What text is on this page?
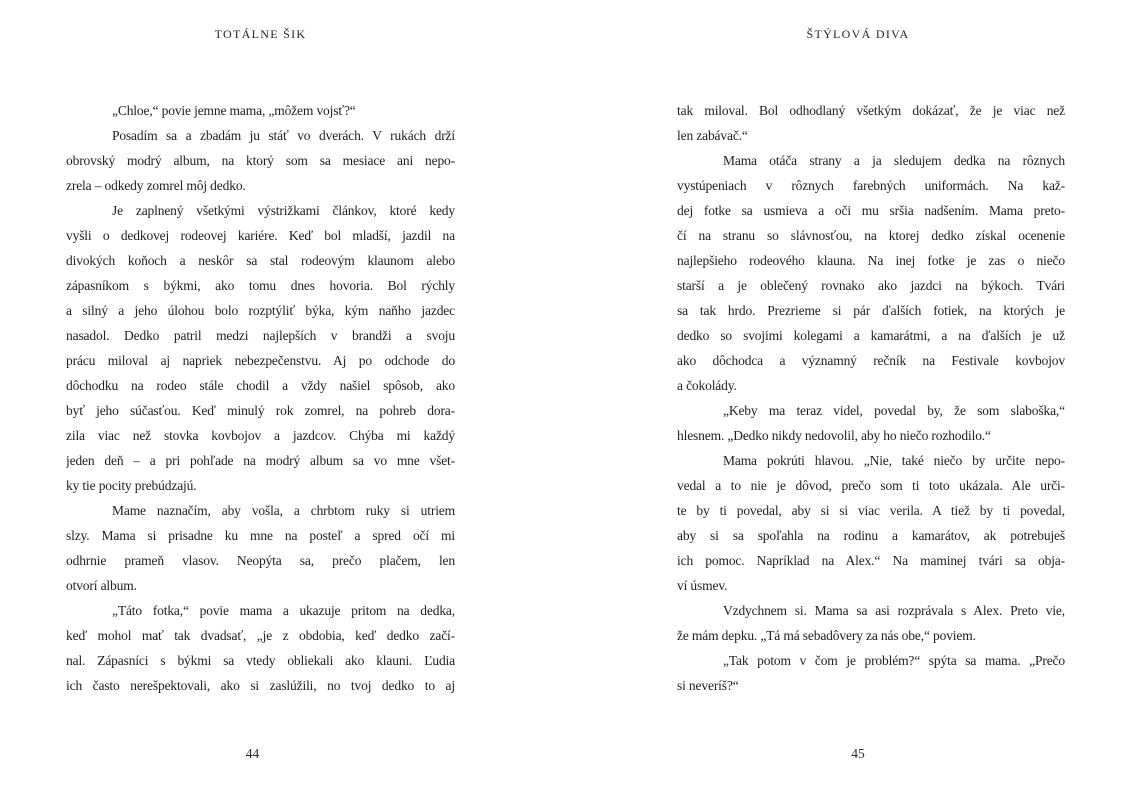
TOTÁLNE ŠIK
„Chloe,“ povie jemne mama, „môžem vojsť?“
Posadím sa a zbadám ju stáť vo dverách. V rukách drží
obrovský modrý album, na ktorý som sa mesiace ani nepo-
zrela – odkedy zomrel môj dedko.
Je zaplnený všetkými výstrižkami článkov, ktoré kedy
vyšli o dedkovej rodeovej kariére. Keď bol mladší, jazdil na
divokých koňoch a neskôr sa stal rodeovým klaunom alebo
zápasníkom s býkmi, ako tomu dnes hovoria. Bol rýchly
a silný a jeho úlohou bolo rozptýliť býka, kým naňho jazdec
nasadol. Dedko patril medzi najlepších v brandži a svoju
prácu miloval aj napriek nebezpečenstvu. Aj po odchode do
dôchodku na rodeo stále chodil a vždy našiel spôsob, ako
byť jeho súčasťou. Keď minulý rok zomrel, na pohreb dora-
zila viac než stovka kovbojov a jazdcov. Chýba mi každý
jeden deň – a pri pohľade na modrý album sa vo mne všet-
ky tie pocity prebúdzajú.
Mame naznačím, aby vošla, a chrbtom ruky si utriem
slzy. Mama si prisadne ku mne na posteľ a spred očí mi
odhrnie prameň vlasov. Neopýta sa, prečo plačem, len
otvorí album.
„Táto fotka,“ povie mama a ukazuje pritom na dedka,
keď mohol mať tak dvadsať, „je z obdobia, keď dedko začí-
nal. Zápasníci s býkmi sa vtedy obliekali ako klauni. Ľudia
ich často nerešpektovali, ako si zaslúžili, no tvoj dedko to aj
44
ŠTÝLOVÁ DIVA
tak miloval. Bol odhodlaný všetkým dokázať, že je viac než
len zabávač.“
Mama otáča strany a ja sledujem dedka na rôznych
vystúpeniach v rôznych farebných uniformách. Na kaž-
dej fotke sa usmieva a oči mu sršia nadšením. Mama preto-
čí na stranu so slávnosťou, na ktorej dedko získal ocenenie
najlepšieho rodeového klauna. Na inej fotke je zas o niečo
starší a je oblečený rovnako ako jazdci na býkoch. Tvári
sa tak hrdo. Prezrieme si pár ďalších fotiek, na ktorých je
dedko so svojimi kolegami a kamarátmi, a na ďalších je už
ako dôchodca a významný rečník na Festivale kovbojov
a čokolády.
„Keby ma teraz videl, povedal by, že som slaboška,“
hlesnem. „Dedko nikdy nedovolil, aby ho niečo rozhodilo.“
Mama pokrúti hlavou. „Nie, také niečo by určite nepo-
vedal a to nie je dôvod, prečo som ti toto ukázala. Ale urči-
te by ti povedal, aby si si viac verila. A tiež by ti povedal,
aby si sa spoľahla na rodinu a kamarátov, ak potrebuješ
ich pomoc. Napríklad na Alex.“ Na maminej tvári sa obja-
ví úsmev.
Vzdychnem si. Mama sa asi rozprávala s Alex. Preto vie,
že mám depku. „Tá má sebadôvery za nás obe,“ poviem.
„Tak potom v čom je problém?“ spýta sa mama. „Prečo
si neveríš?“
45
